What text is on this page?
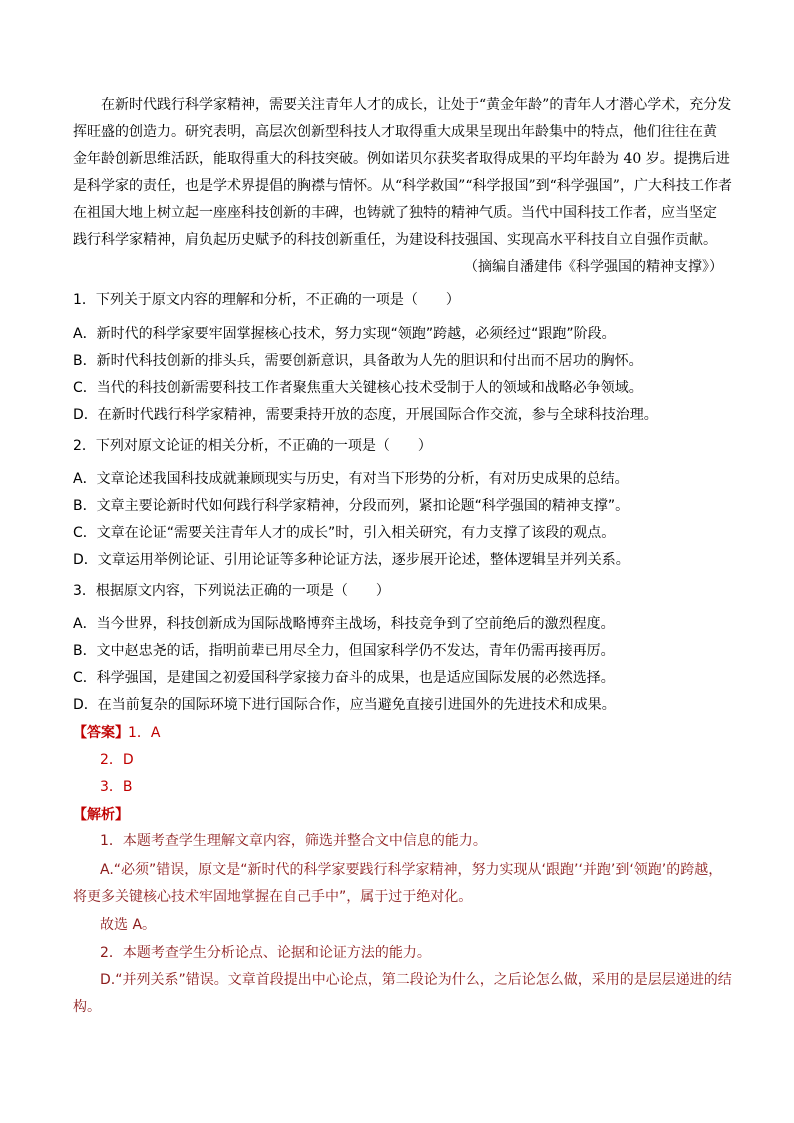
在新时代践行科学家精神，需要关注青年人才的成长，让处于“黄金年龄”的青年人才潜心学术，充分发
挥旺盛的创造力。研究表明，高层次创新型科技人才取得重大成果呈现出年龄集中的特点，他们往往在黄
金年龄创新思维活跃，能取得重大的科技突破。例如诺贝尔获奖者取得成果的平均年龄为 40 岁。提携后进
是科学家的责任，也是学术界提倡的胸襟与情怀。从“科学救国”“科学报国”到“科学强国”，广大科技工作者
在祖国大地上树立起一座座科技创新的丰碑，也铸就了独特的精神气质。当代中国科技工作者，应当坚定
践行科学家精神，肩负起历史赋予的科技创新重任，为建设科技强国、实现高水平科技自立自强作贡献。
（摘编自潘建伟《科学强国的精神支撑》）
1．下列关于原文内容的理解和分析，不正确的一项是（　　）
A．新时代的科学家要牢固掌握核心技术，努力实现“领跑”跨越，必须经过“跟跑”阶段。
B．新时代科技创新的排头兵，需要创新意识，具备敢为人先的胆识和付出而不居功的胸怀。
C．当代的科技创新需要科技工作者聚焦重大关键核心技术受制于人的领域和战略必争领域。
D．在新时代践行科学家精神，需要秉持开放的态度，开展国际合作交流，参与全球科技治理。
2．下列对原文论证的相关分析，不正确的一项是（　　）
A．文章论述我国科技成就兼顾现实与历史，有对当下形势的分析，有对历史成果的总结。
B．文章主要论新时代如何践行科学家精神，分段而列，紧扣论题“科学强国的精神支撑”。
C．文章在论证“需要关注青年人才的成长”时，引入相关研究，有力支撑了该段的观点。
D．文章运用举例论证、引用论证等多种论证方法，逐步展开论述，整体逻辑呈并列关系。
3．根据原文内容，下列说法正确的一项是（　　）
A．当今世界，科技创新成为国际战略博弈主战场，科技竞争到了空前绝后的激烈程度。
B．文中赵忠尧的话，指明前辈已用尽全力，但国家科学仍不发达，青年仍需再接再厉。
C．科学强国，是建国之初爱国科学家接力奋斗的成果，也是适应国际发展的必然选择。
D．在当前复杂的国际环境下进行国际合作，应当避免直接引进国外的先进技术和成果。
【答案】 1．A
2．D
3．B
【解析】
1．本题考查学生理解文章内容，筛选并整合文中信息的能力。
A.“必须”错误，原文是“新时代的科学家要践行科学家精神，努力实现从‘跟跑’‘并跑’到‘领跑’的跨越，
将更多关键核心技术牢固地掌握在自己手中”，属于过于绝对化。
故选 A。
2．本题考查学生分析论点、论据和论证方法的能力。
D.“并列关系”错误。文章首段提出中心论点，第二段论为什么，之后论怎么做，采用的是层层递进的结
构。
